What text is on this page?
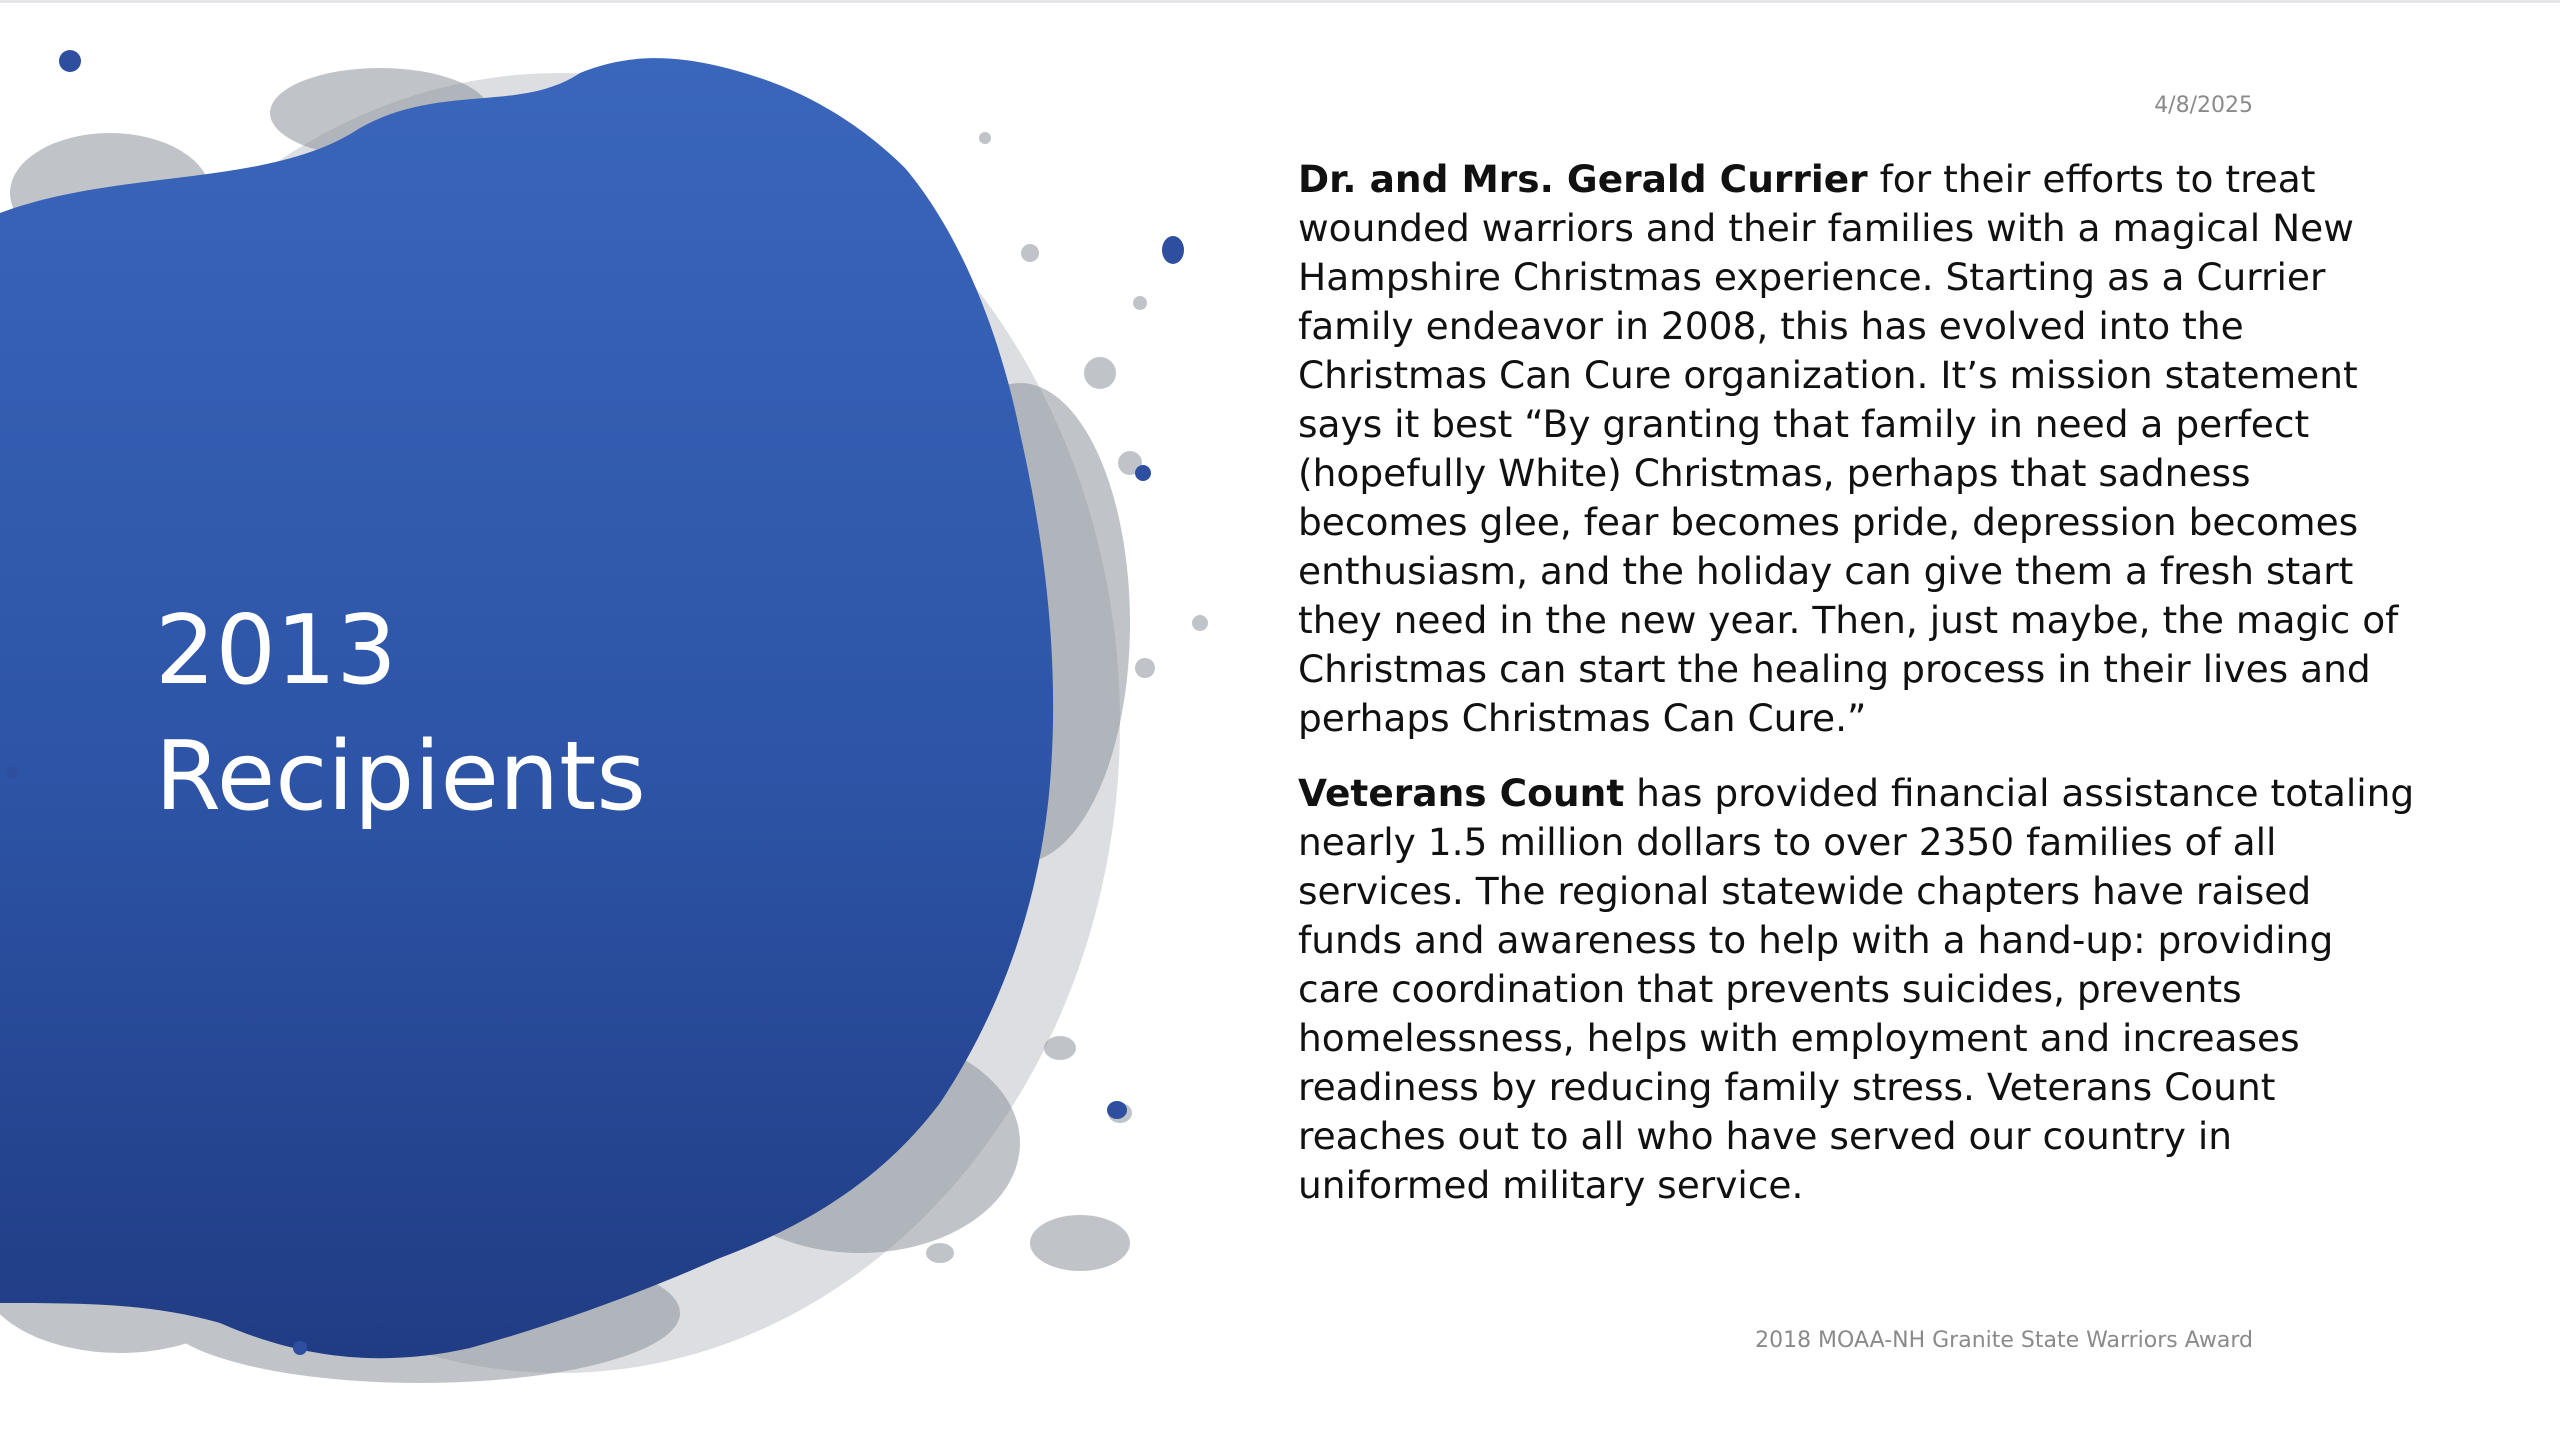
2013
Recipients
4/8/2025

Dr. and Mrs. Gerald Currier for their efforts to treat
wounded warriors and their families with a magical New
Hampshire Christmas experience. Starting as a Currier
family endeavor in 2008, this has evolved into the
Christmas Can Cure organization. It’s mission statement
says it best “By granting that family in need a perfect
(hopefully White) Christmas, perhaps that sadness
becomes glee, fear becomes pride, depression becomes
enthusiasm, and the holiday can give them a fresh start
they need in the new year. Then, just maybe, the magic of
Christmas can start the healing process in their lives and
perhaps Christmas Can Cure.”

Veterans Count has provided financial assistance totaling
nearly 1.5 million dollars to over 2350 families of all
services. The regional statewide chapters have raised
funds and awareness to help with a hand-up: providing
care coordination that prevents suicides, prevents
homelessness, helps with employment and increases
readiness by reducing family stress. Veterans Count
reaches out to all who have served our country in
uniformed military service.

2018 MOAA-NH Granite State Warriors Award
